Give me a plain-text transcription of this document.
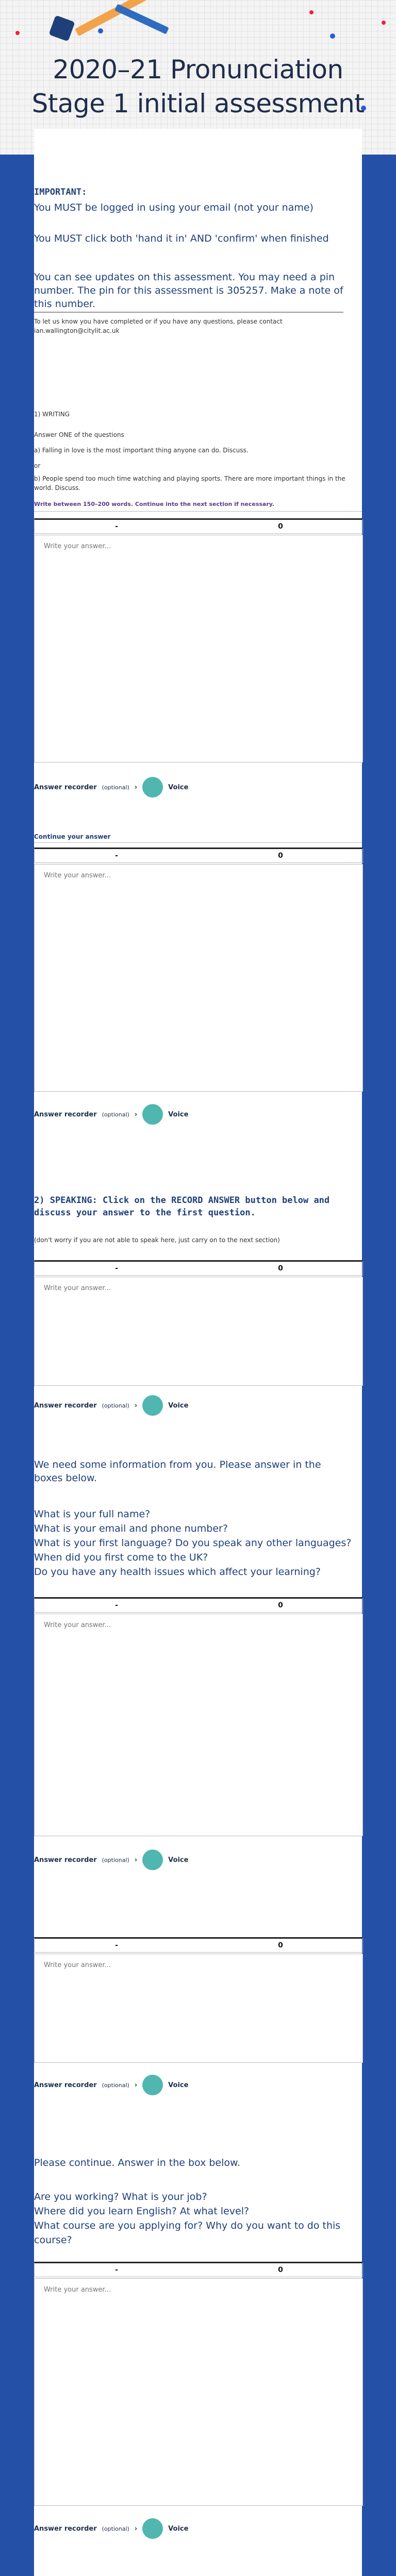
2020–21 Pronunciation
Stage 1 initial assessment
IMPORTANT:
You MUST be logged in using your email (not your name)
You MUST click both 'hand it in' AND 'confirm' when finished
You can see updates on this assessment. You may need a pin number. The pin for this assessment is 305257. Make a note of this number.
To let us know you have completed or if you have any questions, please contact ian.wallington@citylit.ac.uk
1) WRITING
Answer ONE of the questions
a) Falling in love is the most important thing anyone can do. Discuss.
or
b) People spend too much time watching and playing sports. There are more important things in the world. Discuss.
Write between 150–200 words. Continue into the next section if necessary.
-	0
Write your answer...
Answer recorder (optional) ›	Voice
Continue your answer
-	0
Write your answer...
Answer recorder (optional) ›	Voice
2) SPEAKING: Click on the RECORD ANSWER button below and discuss your answer to the first question.
(don't worry if you are not able to speak here, just carry on to the next section)
-	0
Write your answer...
Answer recorder (optional) ›	Voice
We need some information from you. Please answer in the boxes below.
What is your full name?
What is your email and phone number?
What is your first language? Do you speak any other languages?
When did you first come to the UK?
Do you have any health issues which affect your learning?
-	0
Write your answer...
Answer recorder (optional) ›	Voice
-	0
Write your answer...
Answer recorder (optional) ›	Voice
Please continue. Answer in the box below.
Are you working? What is your job?
Where did you learn English? At what level?
What course are you applying for? Why do you want to do this course?
-	0
Write your answer...
Answer recorder (optional) ›	Voice
